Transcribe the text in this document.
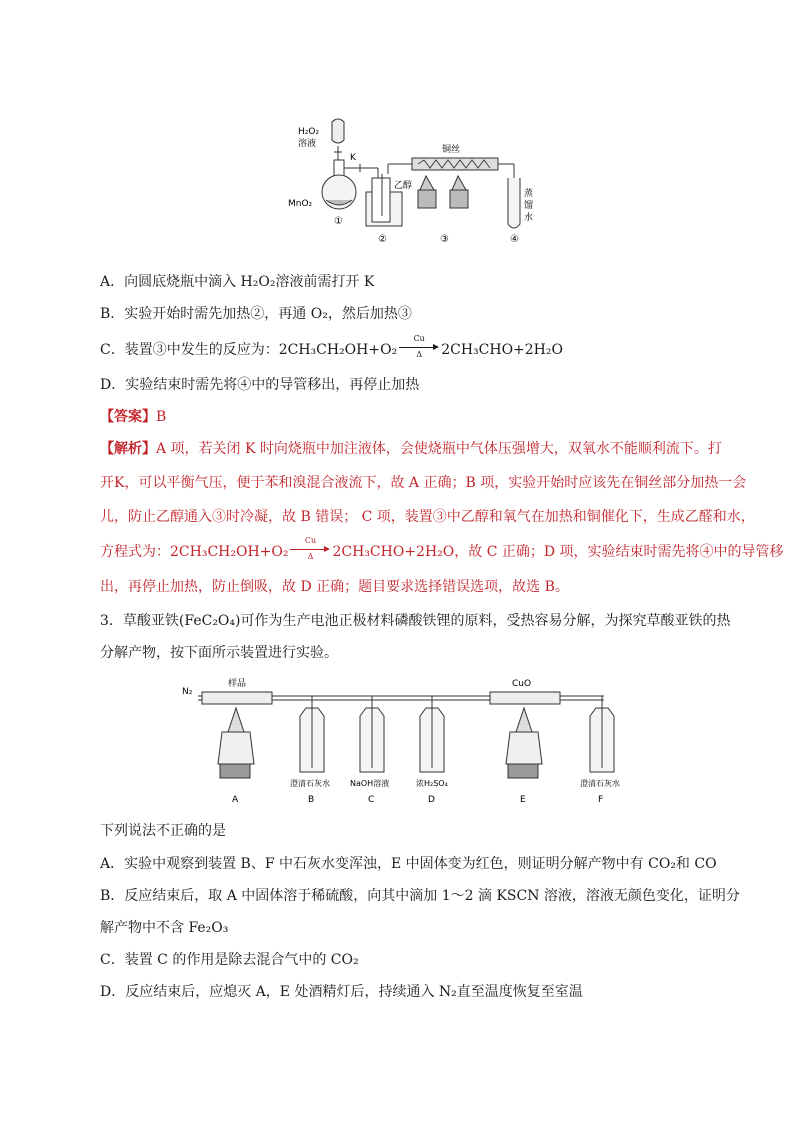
H₂O₂
溶液
K
MnO₂
乙醇
铜丝
蒸
馏
水
①
②	③	④
A．向圆底烧瓶中滴入 H₂O₂溶液前需打开 K
B．实验开始时需先加热②，再通 O₂，然后加热③
C．装置③中发生的反应为：$2CH_3CH_2OH+O_2 \frac{Cu}{\Delta} 2CH_3CHO+2H_2O$
D．实验结束时需先将④中的导管移出，再停止加热
【答案】B
【解析】A 项，若关闭 K 时向烧瓶中加注液体，会使烧瓶中气体压强增大，双氧水不能顺利流下。打
开K，可以平衡气压，便于苯和溴混合液流下，故 A 正确；B 项，实验开始时应该先在铜丝部分加热一会
儿，防止乙醇通入③时冷凝，故 B 错误； C 项，装置③中乙醇和氧气在加热和铜催化下，生成乙醛和水，
方程式为：$2CH_3CH_2OH+O_2 \frac{Cu}{\Delta} 2CH_3CHO+2H_2O$，故 C 正确；D 项，实验结束时需先将④中的导管移
出，再停止加热，防止倒吸，故 D 正确；题目要求选择错误选项，故选 B。
3．草酸亚铁(FeC₂O₄)可作为生产电池正极材料磷酸铁锂的原料，受热容易分解，为探究草酸亚铁的热
分解产物，按下面所示装置进行实验。
N₂
样品	CuO
澄清石灰水	NaOH溶液	浓H₂SO₄	澄清石灰水
A	B	C	D	E	F
下列说法不正确的是
A．实验中观察到装置 B、F 中石灰水变浑浊，E 中固体变为红色，则证明分解产物中有 CO₂和 CO
B．反应结束后，取 A 中固体溶于稀硫酸，向其中滴加 1～2 滴 KSCN 溶液，溶液无颜色变化，证明分
解产物中不含 Fe₂O₃
C．装置 C 的作用是除去混合气中的 CO₂
D．反应结束后，应熄灭 A，E 处酒精灯后，持续通入 N₂直至温度恢复至室温
